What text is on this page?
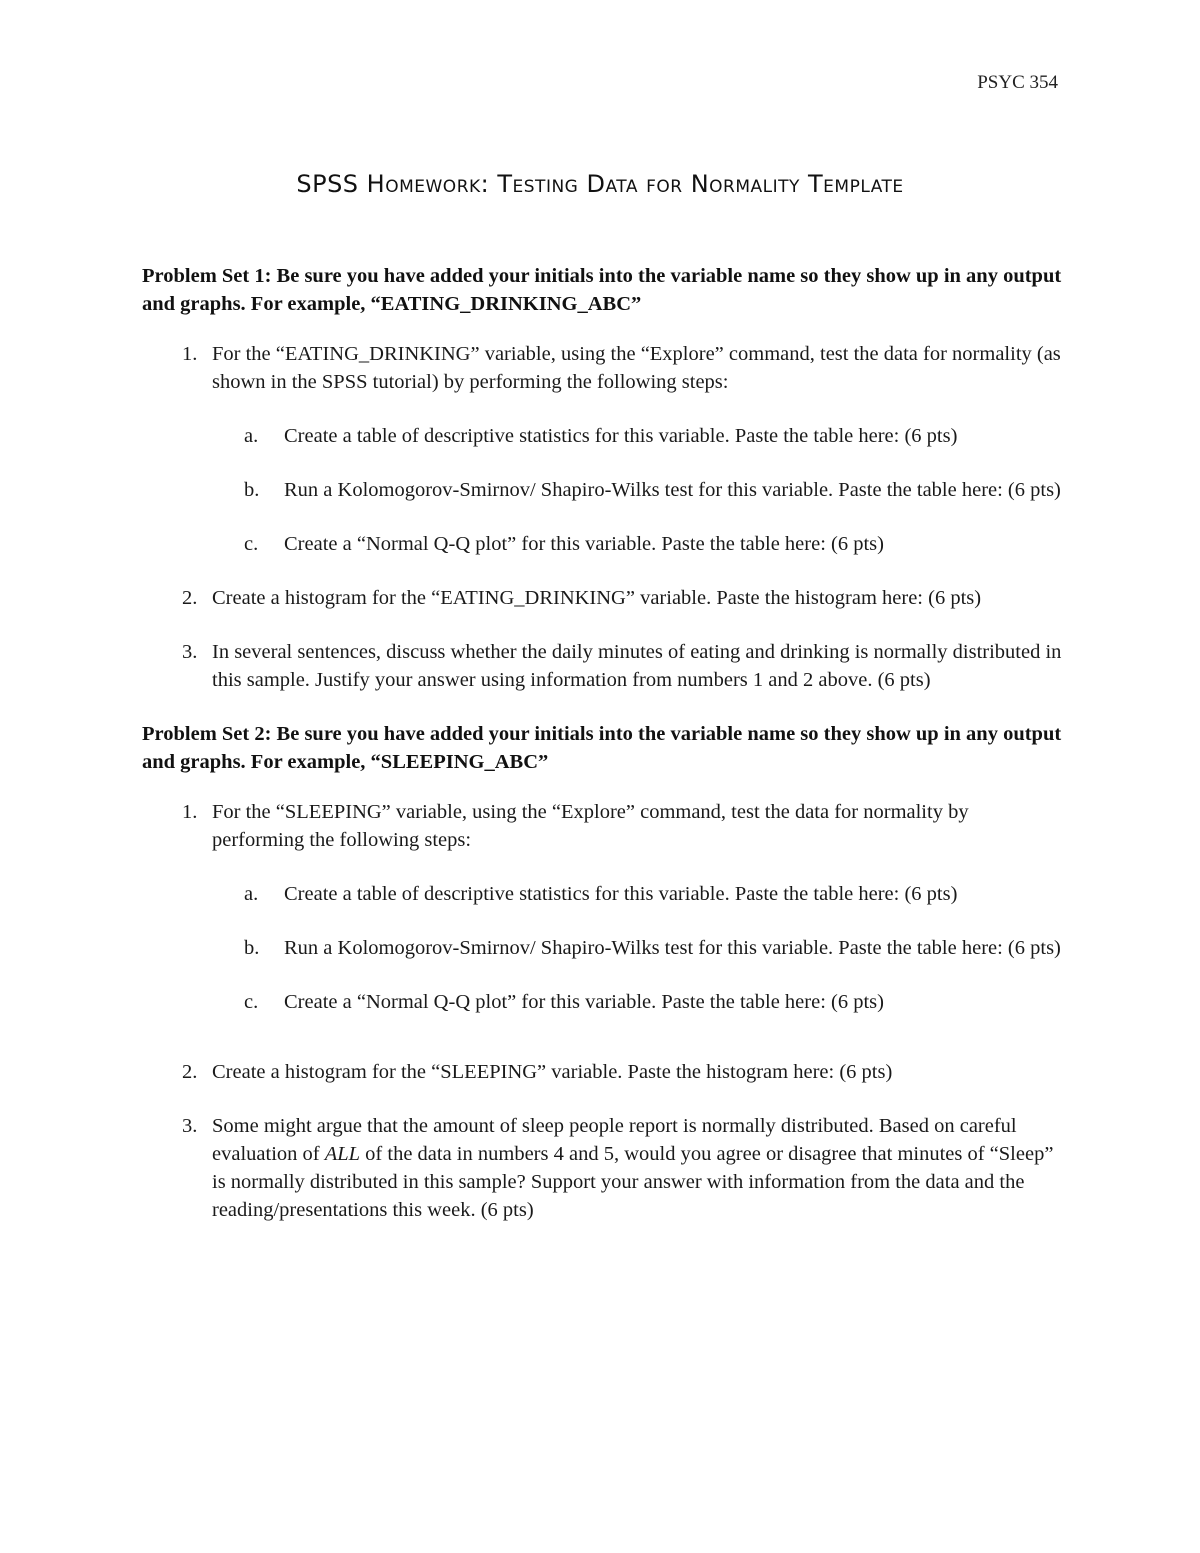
PSYC 354
SPSS Homework: Testing Data for Normality Template

Problem Set 1: Be sure you have added your initials into the variable name so they show up in any output and graphs. For example, “EATING_DRINKING_ABC”

1. For the “EATING_DRINKING” variable, using the “Explore” command, test the data for normality (as shown in the SPSS tutorial) by performing the following steps:
a.	Create a table of descriptive statistics for this variable. Paste the table here: (6 pts)
b.	Run a Kolomogorov-Smirnov/ Shapiro-Wilks test for this variable. Paste the table here: (6 pts)
c.	Create a “Normal Q-Q plot” for this variable. Paste the table here: (6 pts)
2. Create a histogram for the “EATING_DRINKING” variable. Paste the histogram here: (6 pts)
3. In several sentences, discuss whether the daily minutes of eating and drinking is normally distributed in this sample. Justify your answer using information from numbers 1 and 2 above. (6 pts)

Problem Set 2: Be sure you have added your initials into the variable name so they show up in any output and graphs. For example, “SLEEPING_ABC”

1. For the “SLEEPING” variable, using the “Explore” command, test the data for normality by performing the following steps:
a.	Create a table of descriptive statistics for this variable. Paste the table here: (6 pts)
b.	Run a Kolomogorov-Smirnov/ Shapiro-Wilks test for this variable. Paste the table here: (6 pts)
c.	Create a “Normal Q-Q plot” for this variable. Paste the table here: (6 pts)
2. Create a histogram for the “SLEEPING” variable. Paste the histogram here: (6 pts)
3. Some might argue that the amount of sleep people report is normally distributed. Based on careful evaluation of ALL of the data in numbers 4 and 5, would you agree or disagree that minutes of “Sleep” is normally distributed in this sample? Support your answer with information from the data and the reading/presentations this week. (6 pts)
